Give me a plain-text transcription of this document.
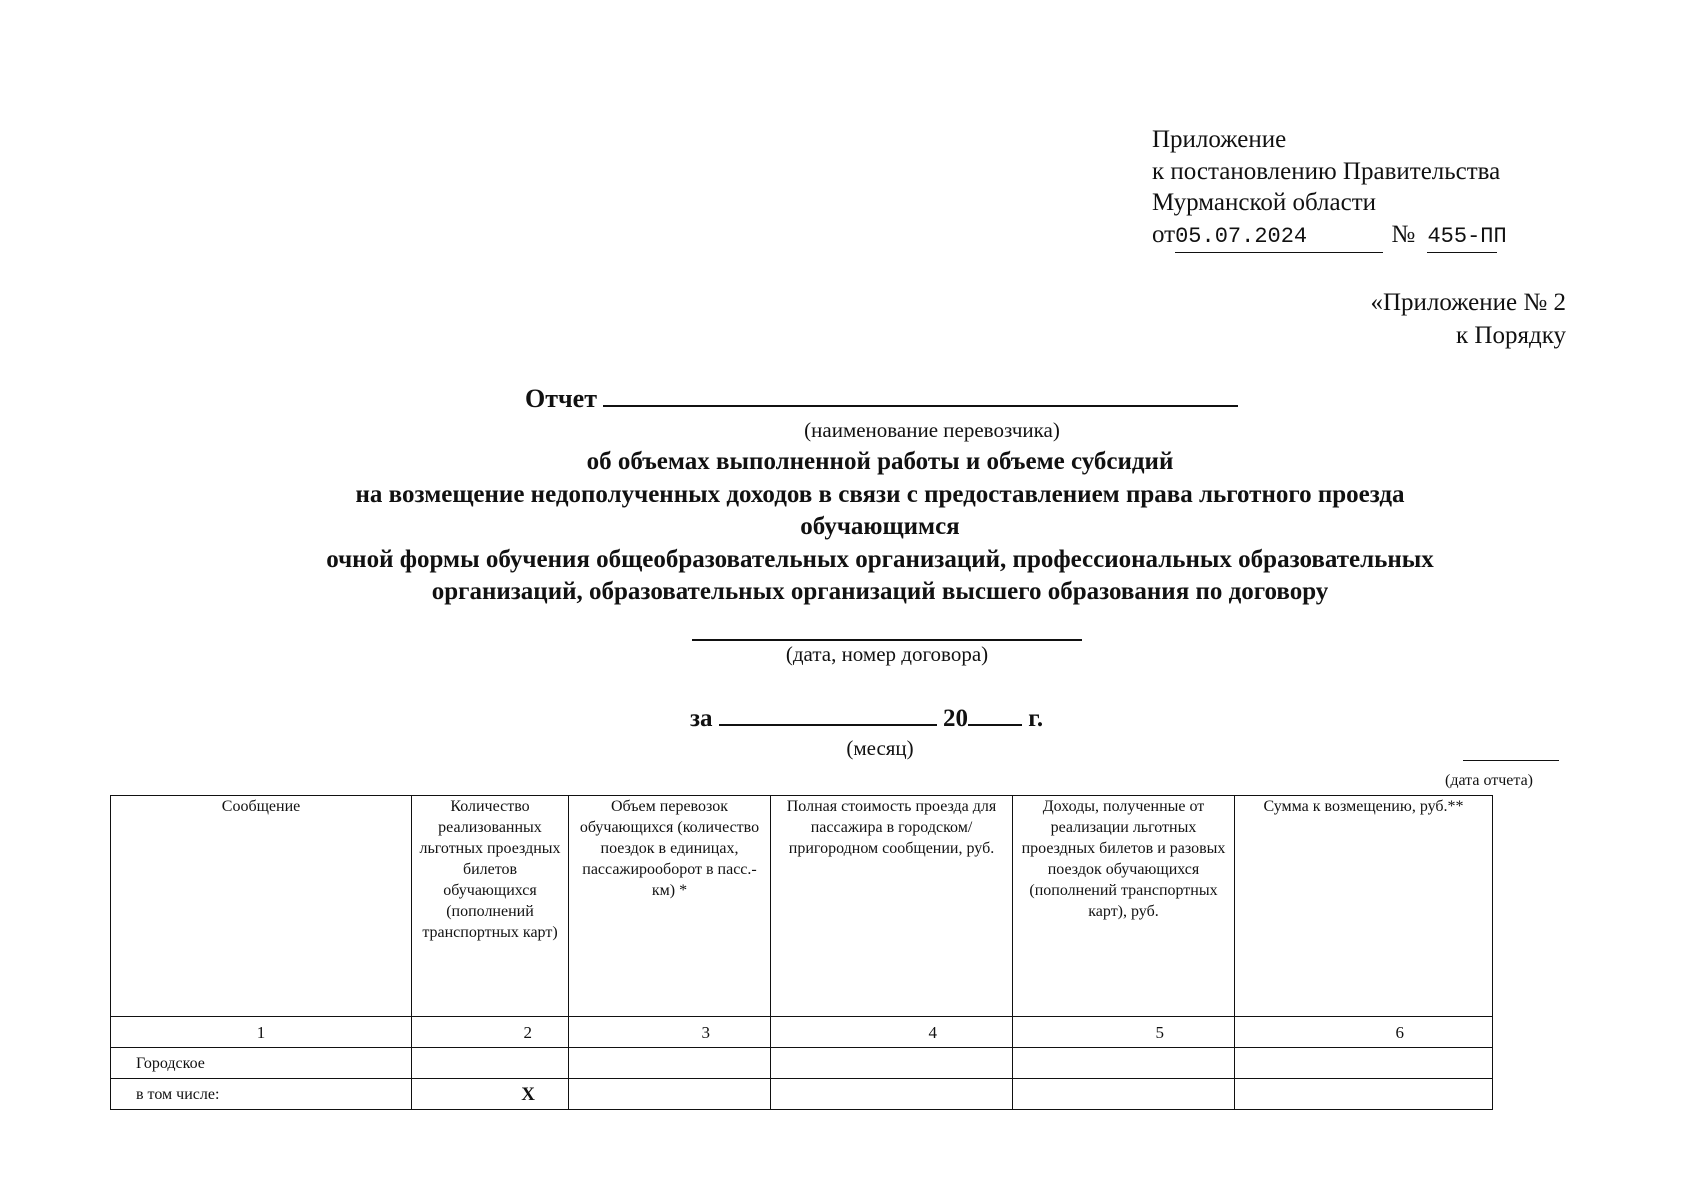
Приложение
к постановлению Правительства
Мурманской области
от05.07.2024	№ 455-ПП
«Приложение № 2
к Порядку
Отчет
(наименование перевозчика)
об объемах выполненной работы и объеме субсидий
на возмещение недополученных доходов в связи с предоставлением права льготного проезда
обучающимся
очной формы обучения общеобразовательных организаций, профессиональных образовательных
организаций, образовательных организаций высшего образования по договору
(дата, номер договора)
за	20 г.
(месяц)
(дата отчета)
Сообщение	Количество реализованных льготных проездных билетов обучающихся (пополнений транспортных карт)	Объем перевозок обучающихся (количество поездок в единицах, пассажирооборот в пасс.-км) *	Полная стоимость проезда для пассажира в городском/пригородном сообщении, руб.	Доходы, полученные от реализации льготных проездных билетов и разовых поездок обучающихся (пополнений транспортных карт), руб.	Сумма к возмещению, руб.**
1	2	3	4	5	6
Городское					
в том числе:	X				
